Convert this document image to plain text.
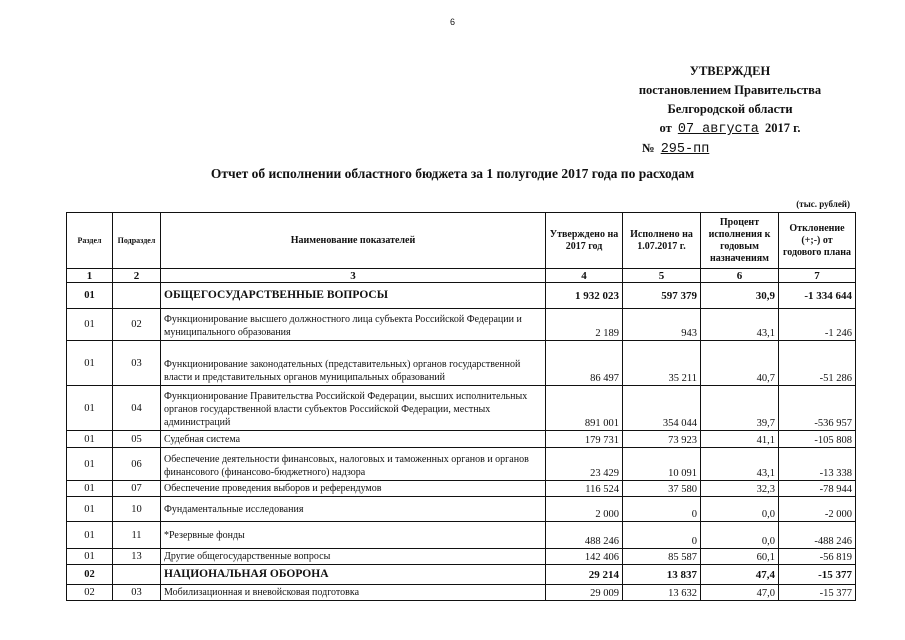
6
УТВЕРЖДЕН
постановлением Правительства
Белгородской области
от 07 августа 2017 г.
№ 295-пп
Отчет об исполнении областного бюджета за 1 полугодие 2017 года по расходам
(тыс. рублей)
Раздел	Подраздел	Наименование показателей	Утверждено на 2017 год	Исполнено на 1.07.2017 г.	Процент исполнения к годовым назначениям	Отклонение (+;-) от годового плана
1	2	3	4	5	6	7
01		ОБЩЕГОСУДАРСТВЕННЫЕ ВОПРОСЫ	1 932 023	597 379	30,9	-1 334 644
01	02	Функционирование высшего должностного лица субъекта Российской Федерации и муниципального образования	2 189	943	43,1	-1 246
01	03	Функционирование законодательных (представительных) органов государственной власти и представительных органов муниципальных образований	86 497	35 211	40,7	-51 286
01	04	Функционирование Правительства Российской Федерации, высших исполнительных органов государственной власти субъектов Российской Федерации, местных администраций	891 001	354 044	39,7	-536 957
01	05	Судебная система	179 731	73 923	41,1	-105 808
01	06	Обеспечение деятельности финансовых, налоговых и таможенных органов и органов финансового (финансово-бюджетного) надзора	23 429	10 091	43,1	-13 338
01	07	Обеспечение проведения выборов и референдумов	116 524	37 580	32,3	-78 944
01	10	Фундаментальные исследования	2 000	0	0,0	-2 000
01	11	*Резервные фонды	488 246	0	0,0	-488 246
01	13	Другие общегосударственные вопросы	142 406	85 587	60,1	-56 819
02		НАЦИОНАЛЬНАЯ ОБОРОНА	29 214	13 837	47,4	-15 377
02	03	Мобилизационная и вневойсковая подготовка	29 009	13 632	47,0	-15 377
